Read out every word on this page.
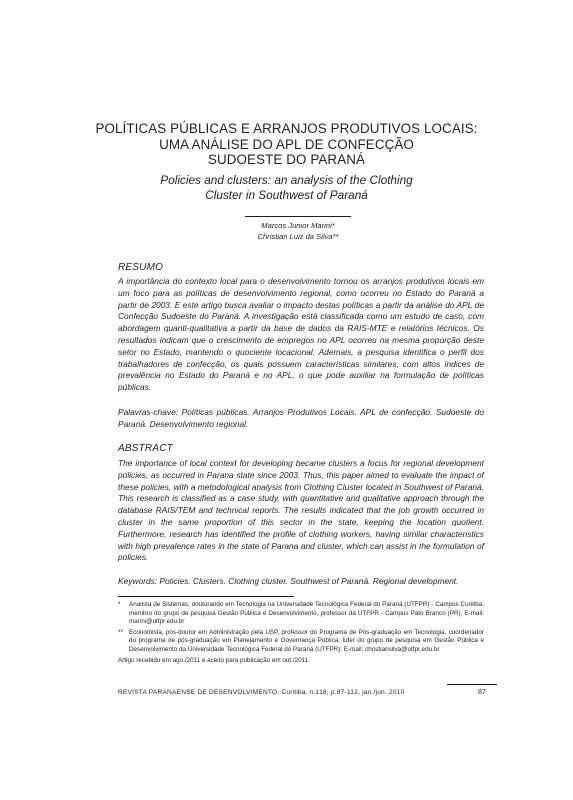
POLÍTICAS PÚBLICAS E ARRANJOS PRODUTIVOS LOCAIS:
UMA ANÁLISE DO APL DE CONFECÇÃO
SUDOESTE DO PARANÁ
Policies and clusters: an analysis of the Clothing
Cluster in Southwest of Paraná
Marcos Junior Marini*
Christian Luiz da Silva**
RESUMO
A importância do contexto local para o desenvolvimento tornou os arranjos produtivos locais em um foco para as políticas de desenvolvimento regional, como ocorreu no Estado do Paraná a partir de 2003. E este artigo busca avaliar o impacto destas políticas a partir da análise do APL de Confecção Sudoeste do Paraná. A investigação está classificada como um estudo de caso, com abordagem quanti-qualitativa a partir da base de dados da RAIS-MTE e relatórios técnicos. Os resultados indicam que o crescimento de empregos no APL ocorreu na mesma proporção deste setor no Estado, mantendo o quociente locacional. Ademais, a pesquisa identifica o perfil dos trabalhadores de confecção, os quais possuem características similares, com altos índices de prevalência no Estado do Paraná e no APL, o que pode auxiliar na formulação de políticas públicas.
Palavras-chave: Políticas públicas. Arranjos Produtivos Locais. APL de confecção. Sudoeste do Paraná. Desenvolvimento regional.
ABSTRACT
The importance of local context for developing became clusters a focus for regional development policies, as occurred in Parana state since 2003. Thus, this paper aimed to evaluate the impact of these policies, with a metodological analysis from Clothing Cluster located in Southwest of Paraná. This research is classified as a case study, with quantitative and qualitative approach through the database RAIS/TEM and technical reports. The results indicated that the job growth occurred in cluster in the same proportion of this sector in the state, keeping the location quotient. Furthermore, research has identified the profile of clothing workers, having similar characteristics with high prevalence rates in the state of Parana and cluster, which can assist in the formulation of policies.
Keywords: Policies. Clusters. Clothing cluster. Southwest of Paraná. Regional development.
*	Analista de Sistemas, doutorando em Tecnologia na Universidade Tecnológica Federal do Paraná (UTFPR) - Campus Curitiba, membro do grupo de pesquisa Gestão Pública e Desenvolvimento, professor da UTFPR - Campus Pato Branco (PR). E-mail: marini@utfpr.edu.br
** Economista, pós-doutor em Administração pela USP, professor do Programa de Pós-graduação em Tecnologia, coordenador do programa de pós-graduação em Planejamento e Governança Pública, líder do grupo de pesquisa em Gestão Pública e Desenvolvimento da Universidade Tecnológica Federal do Paraná (UTFPR). E-mail: christiansilva@utfpr.edu.br
Artigo recebido em ago./2011 e aceito para publicação em out./2011.
REVISTA PARANAENSE DE DESENVOLVIMENTO, Curitiba, n.118, p.87-112, jan./jun. 2010	87
